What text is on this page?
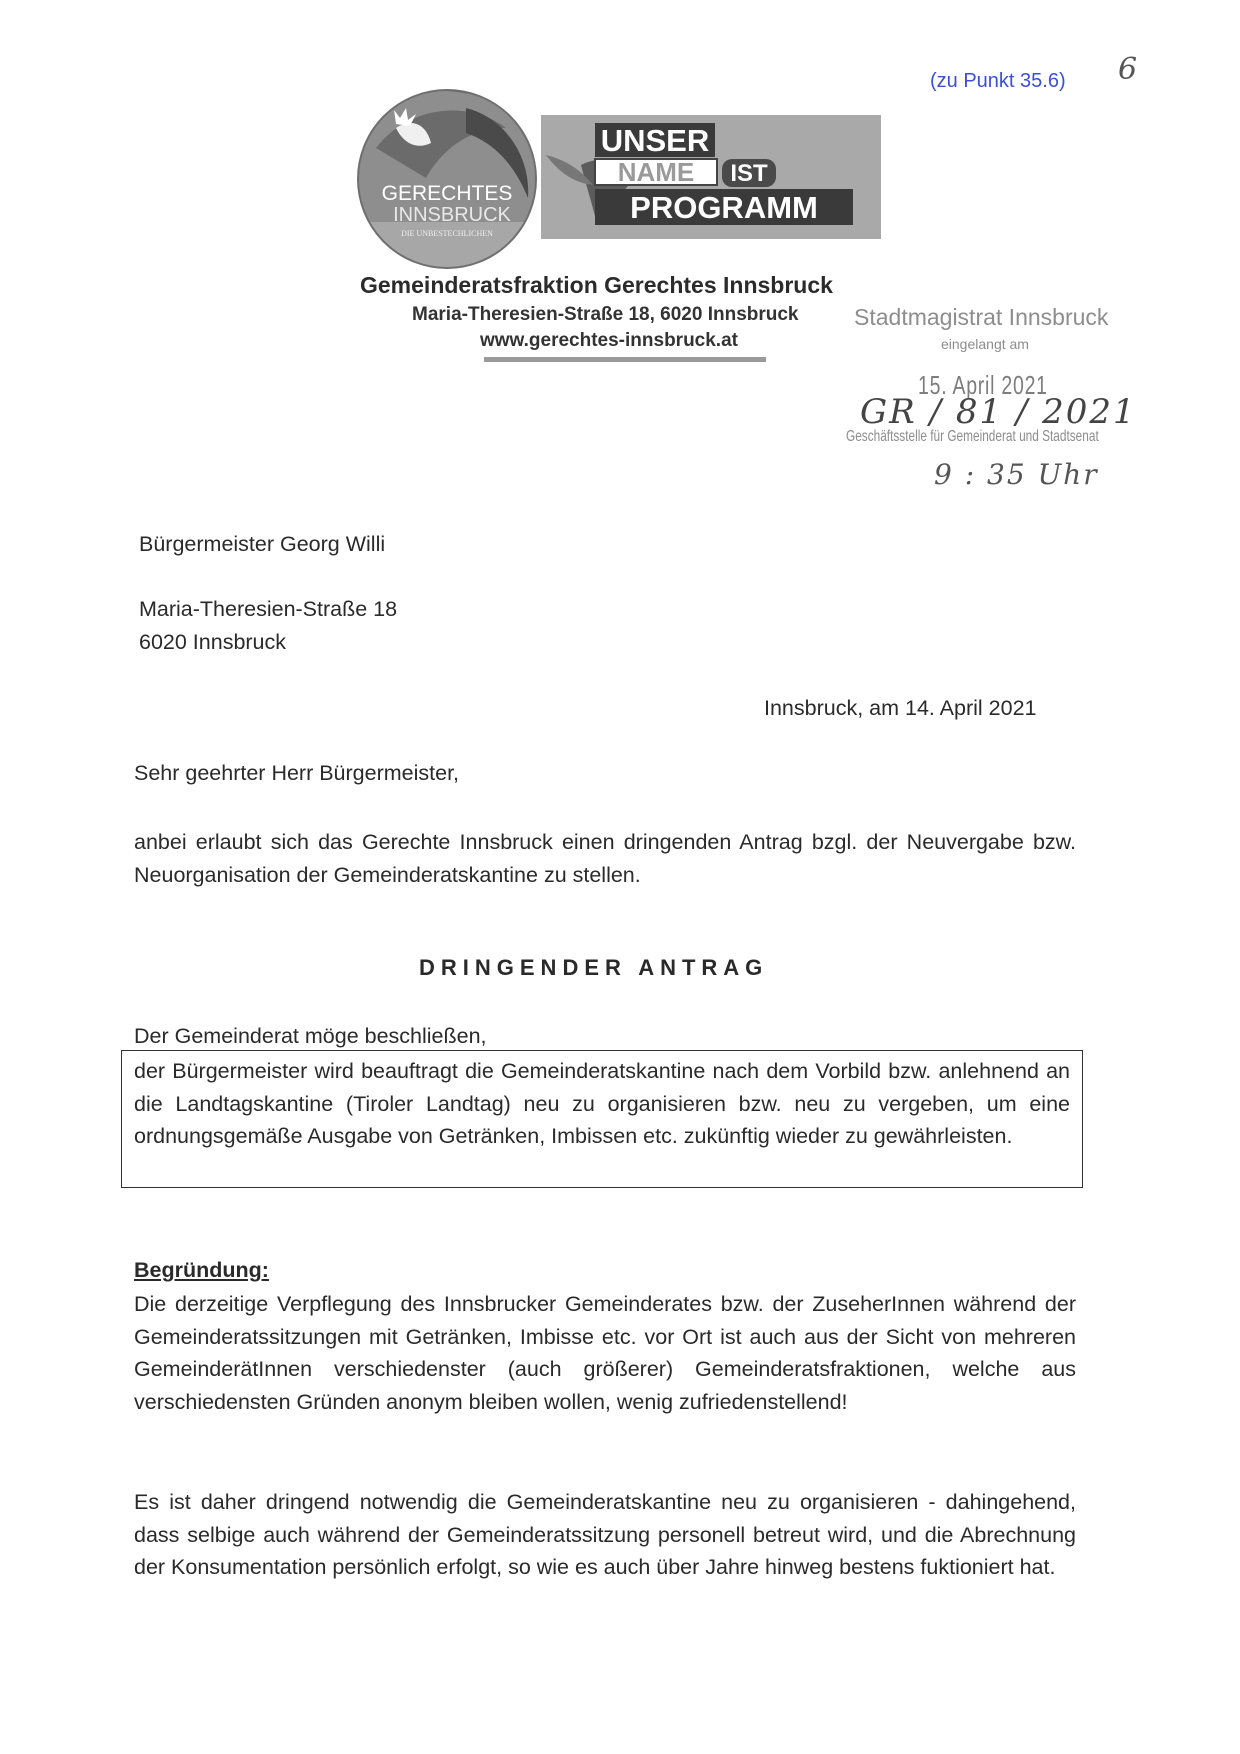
(zu Punkt 35.6) 6
GERECHTES
INNSBRUCK
DIE UNBESTECHLICHEN
UNSER
NAME IST
PROGRAMM
Gemeinderatsfraktion Gerechtes Innsbruck
Maria-Theresien-Straße 18, 6020 Innsbruck
www.gerechtes-innsbruck.at
Stadtmagistrat Innsbruck
eingelangt am
15. April 2021
GR / 81 / 2021
Geschäftsstelle für Gemeinderat und Stadtsenat
9 : 35 Uhr
Bürgermeister Georg Willi
Maria-Theresien-Straße 18
6020 Innsbruck
Innsbruck, am 14. April 2021
Sehr geehrter Herr Bürgermeister,
anbei erlaubt sich das Gerechte Innsbruck einen dringenden Antrag bzgl. der Neuvergabe bzw. Neuorganisation der Gemeinderatskantine zu stellen.
DRINGENDER ANTRAG
Der Gemeinderat möge beschließen,
der Bürgermeister wird beauftragt die Gemeinderatskantine nach dem Vorbild bzw. anlehnend an die Landtagskantine (Tiroler Landtag) neu zu organisieren bzw. neu zu vergeben, um eine ordnungsgemäße Ausgabe von Getränken, Imbissen etc. zukünftig wieder zu gewährleisten.
Begründung:
Die derzeitige Verpflegung des Innsbrucker Gemeinderates bzw. der ZuseherInnen während der Gemeinderatssitzungen mit Getränken, Imbisse etc. vor Ort ist auch aus der Sicht von mehreren GemeinderätInnen verschiedenster (auch größerer) Gemeinderatsfraktionen, welche aus verschiedensten Gründen anonym bleiben wollen, wenig zufriedenstellend!
Es ist daher dringend notwendig die Gemeinderatskantine neu zu organisieren - dahingehend, dass selbige auch während der Gemeinderatssitzung personell betreut wird, und die Abrechnung der Konsumentation persönlich erfolgt, so wie es auch über Jahre hinweg bestens fuktioniert hat.
